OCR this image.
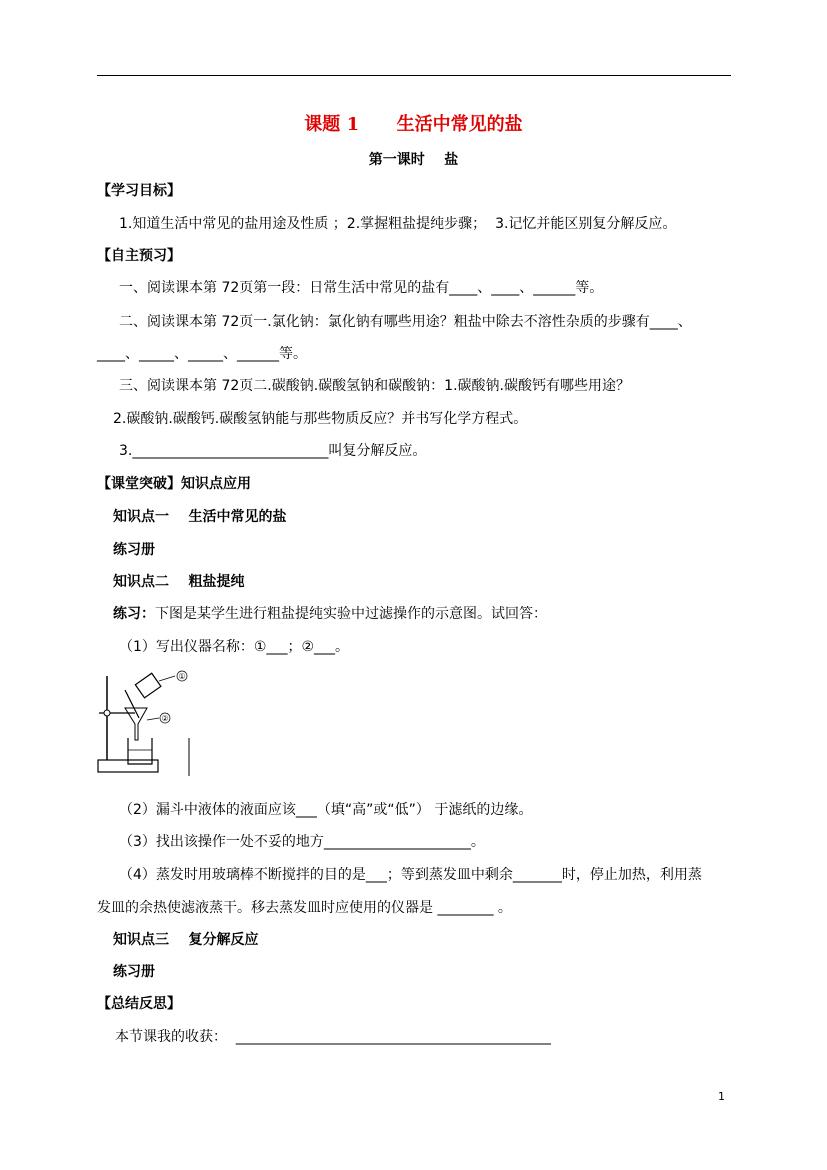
课题 1      生活中常见的盐
第一课时    盐
【学习目标】
1.知道生活中常见的盐用途及性质 ；2.掌握粗盐提纯步骤；  3.记忆并能区别复分解反应。
【自主预习】
一、阅读课本第 72页第一段：日常生活中常见的盐有____、____、______等。
二、阅读课本第 72页一.氯化钠：氯化钠有哪些用途？粗盐中除去不溶性杂质的步骤有____、
____、_____、_____、______等。
三、阅读课本第 72页二.碳酸钠.碳酸氢钠和碳酸钠：1.碳酸钠.碳酸钙有哪些用途？
2.碳酸钠.碳酸钙.碳酸氢钠能与那些物质反应？并书写化学方程式。
3.____________________________叫复分解反应。
【课堂突破】知识点应用
知识点一    生活中常见的盐
练习册
知识点二    粗盐提纯
练习：下图是某学生进行粗盐提纯实验中过滤操作的示意图。试回答：
（1）写出仪器名称：①___；②___。
①
②
（2）漏斗中液体的液面应该___（填“高”或“低”） 于滤纸的边缘。
（3）找出该操作一处不妥的地方_____________________。
（4）蒸发时用玻璃棒不断搅拌的目的是___；等到蒸发皿中剩余_______时，停止加热，利用蒸
发皿的余热使滤液蒸干。移去蒸发皿时应使用的仪器是 ________ 。
知识点三    复分解反应
练习册
【总结反思】
本节课我的收获：  _____________________________________________
1
